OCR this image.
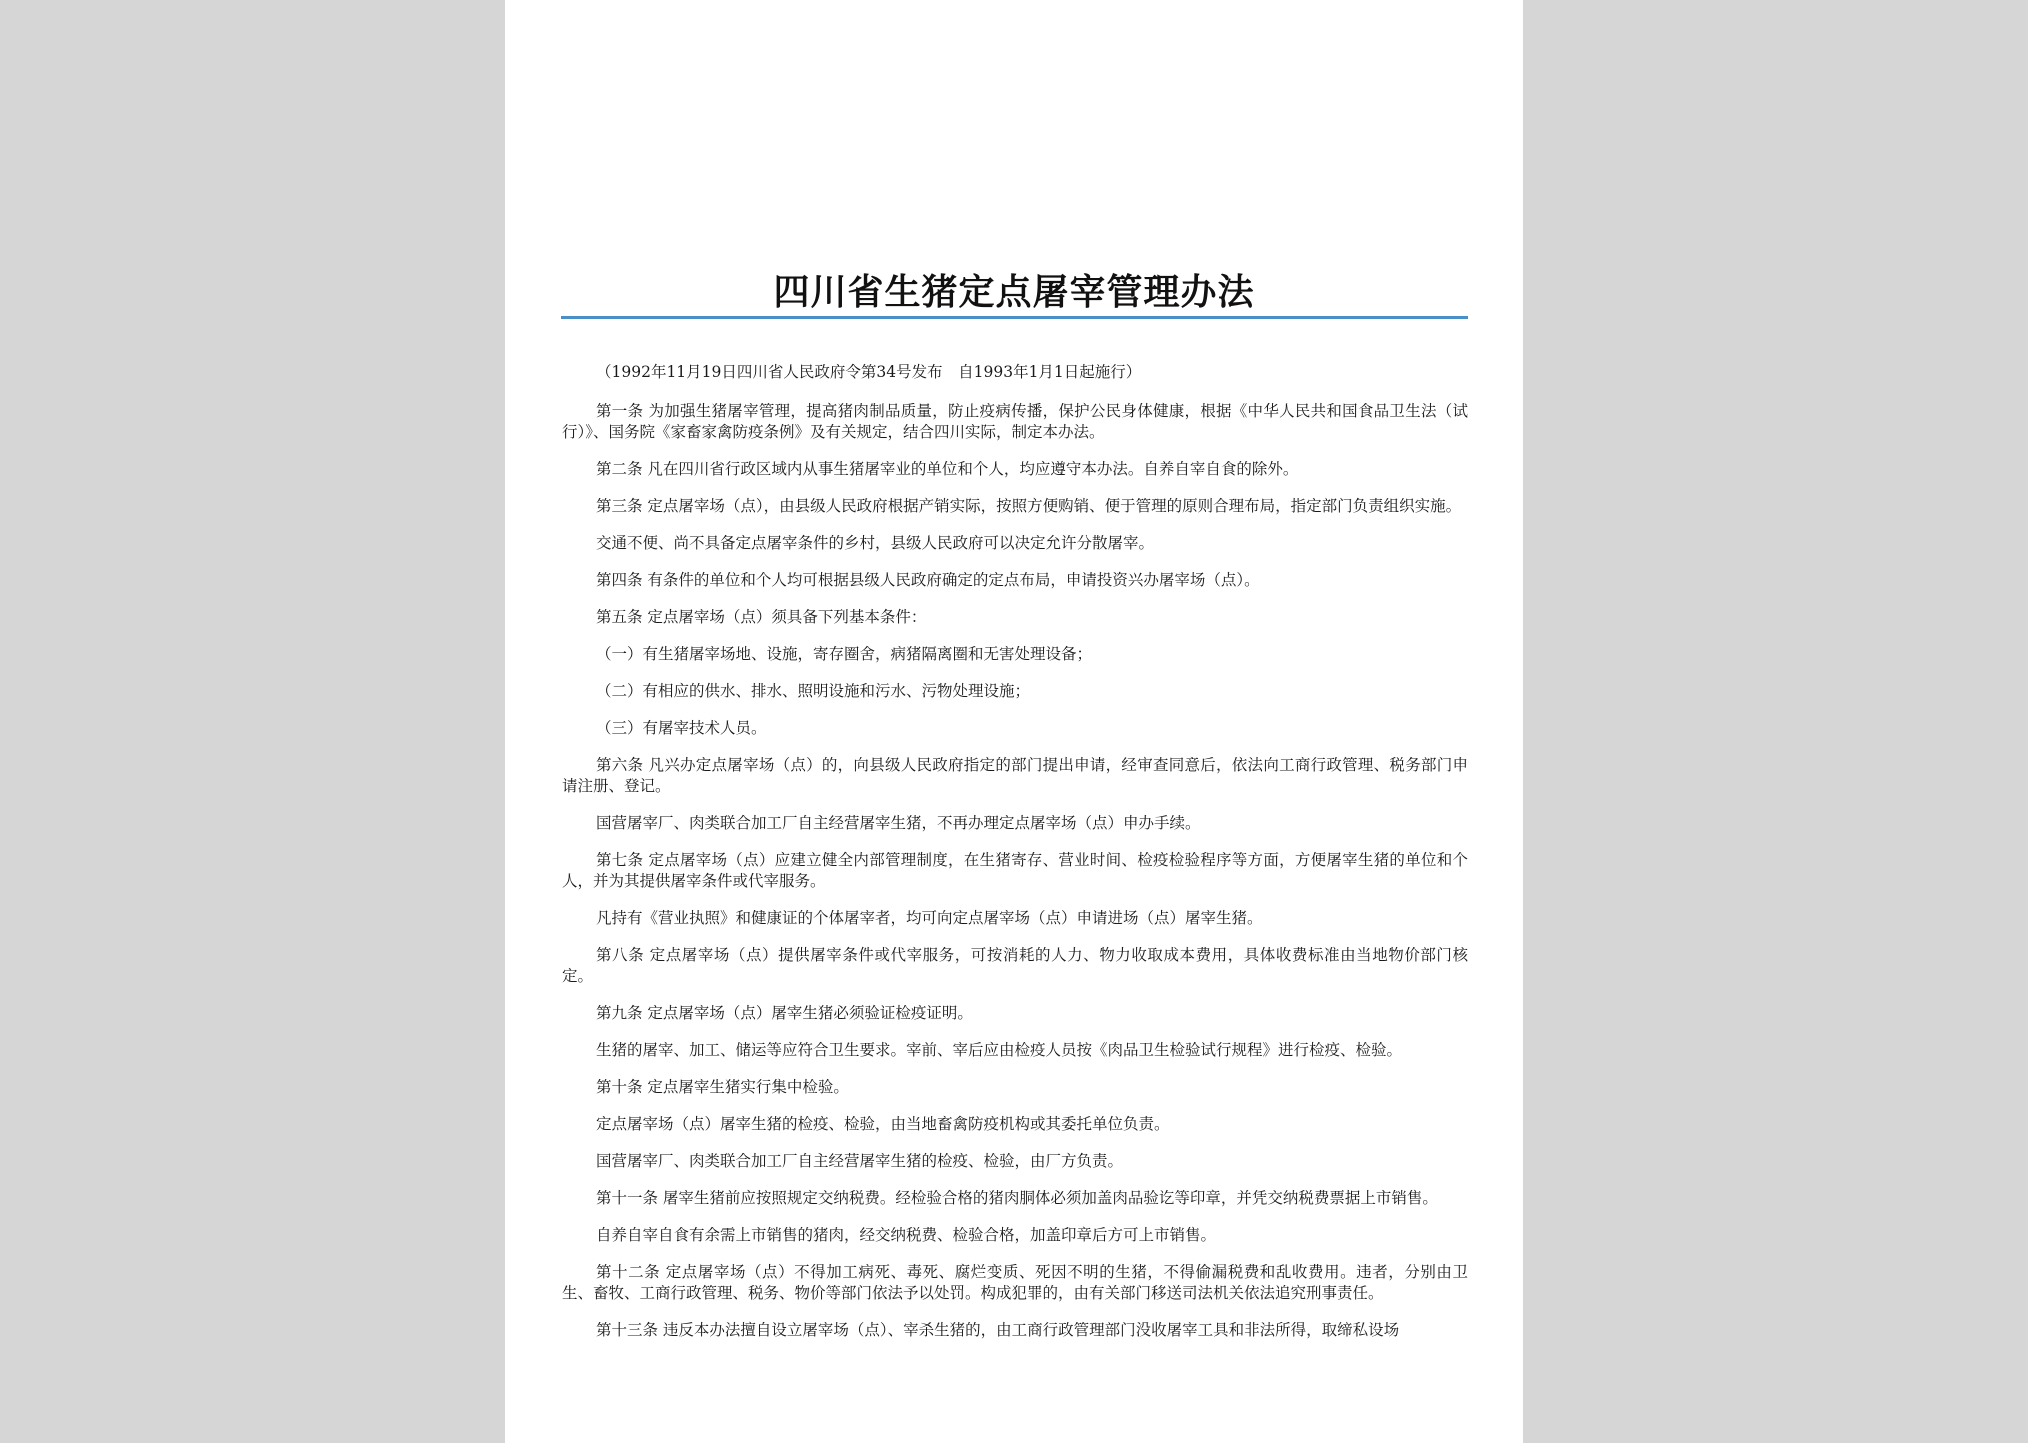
四川省生猪定点屠宰管理办法

（1992年11月19日四川省人民政府令第34号发布　自1993年1月1日起施行）

第一条 为加强生猪屠宰管理，提高猪肉制品质量，防止疫病传播，保护公民身体健康，根据《中华人民共和国食品卫生法（试行）》、国务院《家畜家禽防疫条例》及有关规定，结合四川实际，制定本办法。

第二条 凡在四川省行政区域内从事生猪屠宰业的单位和个人，均应遵守本办法。自养自宰自食的除外。

第三条 定点屠宰场（点），由县级人民政府根据产销实际，按照方便购销、便于管理的原则合理布局，指定部门负责组织实施。

交通不便、尚不具备定点屠宰条件的乡村，县级人民政府可以决定允许分散屠宰。

第四条 有条件的单位和个人均可根据县级人民政府确定的定点布局，申请投资兴办屠宰场（点）。

第五条 定点屠宰场（点）须具备下列基本条件：

（一）有生猪屠宰场地、设施，寄存圈舍，病猪隔离圈和无害处理设备；

（二）有相应的供水、排水、照明设施和污水、污物处理设施；

（三）有屠宰技术人员。

第六条 凡兴办定点屠宰场（点）的，向县级人民政府指定的部门提出申请，经审查同意后，依法向工商行政管理、税务部门申请注册、登记。

国营屠宰厂、肉类联合加工厂自主经营屠宰生猪，不再办理定点屠宰场（点）申办手续。

第七条 定点屠宰场（点）应建立健全内部管理制度，在生猪寄存、营业时间、检疫检验程序等方面，方便屠宰生猪的单位和个人，并为其提供屠宰条件或代宰服务。

凡持有《营业执照》和健康证的个体屠宰者，均可向定点屠宰场（点）申请进场（点）屠宰生猪。

第八条 定点屠宰场（点）提供屠宰条件或代宰服务，可按消耗的人力、物力收取成本费用，具体收费标准由当地物价部门核定。

第九条 定点屠宰场（点）屠宰生猪必须验证检疫证明。

生猪的屠宰、加工、储运等应符合卫生要求。宰前、宰后应由检疫人员按《肉品卫生检验试行规程》进行检疫、检验。

第十条 定点屠宰生猪实行集中检验。

定点屠宰场（点）屠宰生猪的检疫、检验，由当地畜禽防疫机构或其委托单位负责。

国营屠宰厂、肉类联合加工厂自主经营屠宰生猪的检疫、检验，由厂方负责。

第十一条 屠宰生猪前应按照规定交纳税费。经检验合格的猪肉胴体必须加盖肉品验讫等印章，并凭交纳税费票据上市销售。

自养自宰自食有余需上市销售的猪肉，经交纳税费、检验合格，加盖印章后方可上市销售。

第十二条 定点屠宰场（点）不得加工病死、毒死、腐烂变质、死因不明的生猪，不得偷漏税费和乱收费用。违者，分别由卫生、畜牧、工商行政管理、税务、物价等部门依法予以处罚。构成犯罪的，由有关部门移送司法机关依法追究刑事责任。

第十三条 违反本办法擅自设立屠宰场（点）、宰杀生猪的，由工商行政管理部门没收屠宰工具和非法所得，取缔私设场
